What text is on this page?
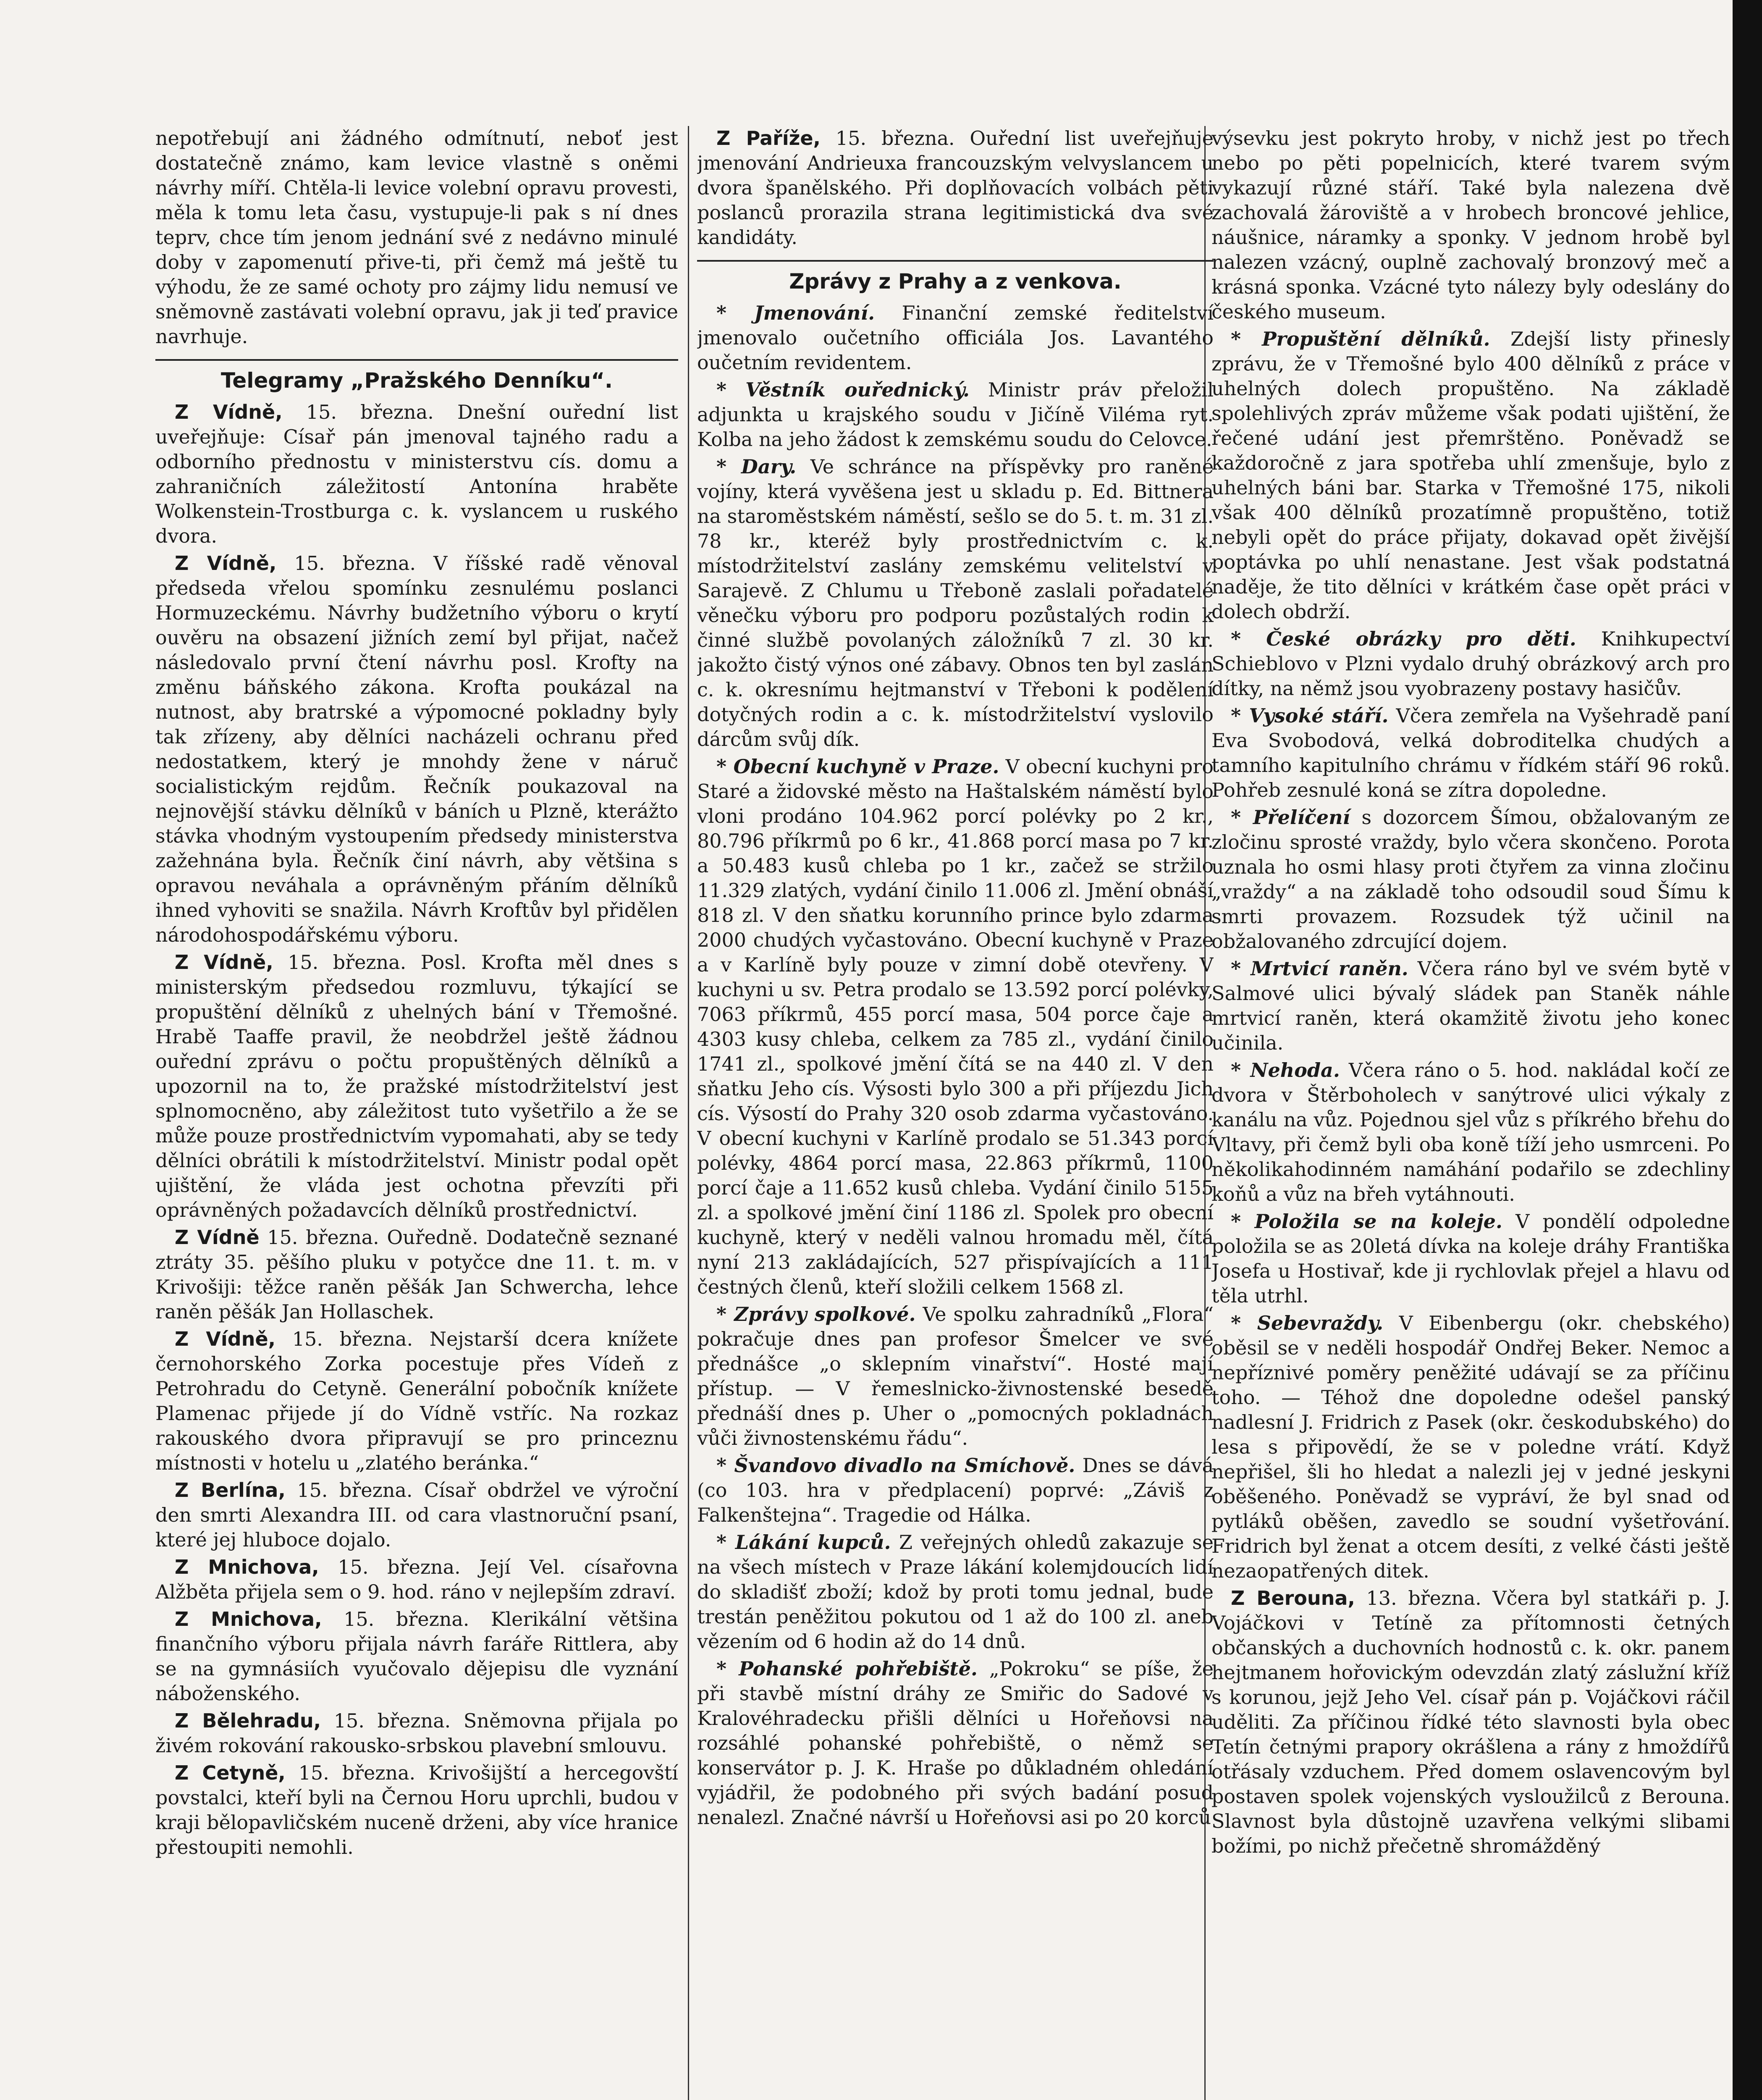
nepotřebují ani žádného odmítnutí, neboť jest dostatečně známo, kam levice vlastně s oněmi návrhy míří. Chtěla-li levice volební opravu provesti, měla k tomu leta času, vystupuje-li pak s ní dnes teprv, chce tím jenom jednání své z nedávno minulé doby v zapomenutí přive-ti, při čemž má ještě tu výhodu, že ze samé ochoty pro zájmy lidu nemusí ve sněmovně zastávati volební opravu, jak ji teď pravice navrhuje.

Telegramy „Pražského Denníku“.

Z Vídně, 15. března. Dnešní ouřední list uveřejňuje: Císař pán jmenoval tajného radu a odborního přednostu v ministerstvu cís. domu a zahraničních záležitostí Antonína hraběte Wolkenstein-Trostburga c. k. vyslancem u ruského dvora.

Z Vídně, 15. března. V říšské radě věnoval předseda vřelou spomínku zesnulému poslanci Hormuzeckému. Návrhy budžetního výboru o krytí ouvěru na obsazení jižních zemí byl přijat, načež následovalo první čtení návrhu posl. Krofty na změnu báňského zákona. Krofta poukázal na nutnost, aby bratrské a výpomocné pokladny byly tak zřízeny, aby dělníci nacházeli ochranu před nedostatkem, který je mnohdy žene v náruč socialistickým rejdům. Řečník poukazoval na nejnovější stávku dělníků v báních u Plzně, kterážto stávka vhodným vystoupením předsedy ministerstva zažehnána byla. Řečník činí návrh, aby většina s opravou neváhala a oprávněným přáním dělníků ihned vyhoviti se snažila. Návrh Kroftův byl přidělen národohospodářskému výboru.

Z Vídně, 15. března. Posl. Krofta měl dnes s ministerským předsedou rozmluvu, týkající se propuštění dělníků z uhelných bání v Třemošné. Hrabě Taaffe pravil, že neobdržel ještě žádnou ouřední zprávu o počtu propuštěných dělníků a upozornil na to, že pražské místodržitelství jest splnomocněno, aby záležitost tuto vyšetřilo a že se může pouze prostřednictvím vypomahati, aby se tedy dělníci obrátili k místodržitelství. Ministr podal opět ujištění, že vláda jest ochotna převzíti při oprávněných požadavcích dělníků prostřednictví.

Z Vídně 15. března. Ouředně. Dodatečně seznané ztráty 35. pěšího pluku v potyčce dne 11. t. m. v Krivošiji: těžce raněn pěšák Jan Schwercha, lehce raněn pěšák Jan Hollaschek.

Z Vídně, 15. března. Nejstarší dcera knížete černohorského Zorka pocestuje přes Vídeň z Petrohradu do Cetyně. Generální pobočník knížete Plamenac přijede jí do Vídně vstříc. Na rozkaz rakouského dvora připravují se pro princeznu místnosti v hotelu u „zlatého beránka.“

Z Berlína, 15. března. Císař obdržel ve výroční den smrti Alexandra III. od cara vlastnoruční psaní, které jej hluboce dojalo.

Z Mnichova, 15. března. Její Vel. císařovna Alžběta přijela sem o 9. hod. ráno v nejlepším zdraví.

Z Mnichova, 15. března. Klerikální většina finančního výboru přijala návrh faráře Rittlera, aby se na gymnásiích vyučovalo dějepisu dle vyznání náboženského.

Z Bělehradu, 15. března. Sněmovna přijala po živém rokování rakousko-srbskou plavební smlouvu.

Z Cetyně, 15. března. Krivošijští a hercegovští povstalci, kteří byli na Černou Horu uprchli, budou v kraji bělopavličském nuceně drženi, aby více hranice přestoupiti nemohli.

Z Paříže, 15. března. Ouřední list uveřejňuje jmenování Andrieuxa francouzským velvyslancem u dvora španělského. Při doplňovacích volbách pěti poslanců prorazila strana legitimistická dva své kandidáty.

Zprávy z Prahy a z venkova.

* Jmenování. Finanční zemské ředitelství jmenovalo oučetního officiála Jos. Lavantého oučetním revidentem.

* Věstník ouřednický. Ministr práv přeložil adjunkta u krajského soudu v Jičíně Viléma ryt. Kolba na jeho žádost k zemskému soudu do Celovce.

* Dary. Ve schránce na příspěvky pro raněné vojíny, která vyvěšena jest u skladu p. Ed. Bittnera na staroměstském náměstí, sešlo se do 5. t. m. 31 zl. 78 kr., kteréž byly prostřednictvím c. k. místodržitelství zaslány zemskému velitelství v Sarajevě. Z Chlumu u Třeboně zaslali pořadatelé věnečku výboru pro podporu pozůstalých rodin k činné službě povolaných záložníků 7 zl. 30 kr. jakožto čistý výnos oné zábavy. Obnos ten byl zaslán c. k. okresnímu hejtmanství v Třeboni k podělení dotyčných rodin a c. k. místodržitelství vyslovilo dárcům svůj dík.

* Obecní kuchyně v Praze. V obecní kuchyni pro Staré a židovské město na Haštalském náměstí bylo vloni prodáno 104.962 porcí polévky po 2 kr., 80.796 příkrmů po 6 kr., 41.868 porcí masa po 7 kr. a 50.483 kusů chleba po 1 kr., začež se stržilo 11.329 zlatých, vydání činilo 11.006 zl. Jmění obnáší 818 zl. V den sňatku korunního prince bylo zdarma 2000 chudých vyčastováno. Obecní kuchyně v Praze a v Karlíně byly pouze v zimní době otevřeny. V kuchyni u sv. Petra prodalo se 13.592 porcí polévky, 7063 příkrmů, 455 porcí masa, 504 porce čaje a 4303 kusy chleba, celkem za 785 zl., vydání činilo 1741 zl., spolkové jmění čítá se na 440 zl. V den sňatku Jeho cís. Výsosti bylo 300 a při příjezdu Jich cís. Výsostí do Prahy 320 osob zdarma vyčastováno. V obecní kuchyni v Karlíně prodalo se 51.343 porcí polévky, 4864 porcí masa, 22.863 příkrmů, 1100 porcí čaje a 11.652 kusů chleba. Vydání činilo 5155 zl. a spolkové jmění činí 1186 zl. Spolek pro obecní kuchyně, který v neděli valnou hromadu měl, čítá nyní 213 zakládajících, 527 přispívajících a 111 čestných členů, kteří složili celkem 1568 zl.

* Zprávy spolkové. Ve spolku zahradníků „Flora“ pokračuje dnes pan profesor Šmelcer ve své přednášce „o sklepním vinařství“. Hosté mají přístup. — V řemeslnicko-živnostenské besedě přednáší dnes p. Uher o „pomocných pokladnách vůči živnostenskému řádu“.

* Švandovo divadlo na Smíchově. Dnes se dává (co 103. hra v předplacení) poprvé: „Záviš z Falkenštejna“. Tragedie od Hálka.

* Lákání kupců. Z veřejných ohledů zakazuje se na všech místech v Praze lákání kolemjdoucích lidí do skladišť zboží; kdož by proti tomu jednal, bude trestán peněžitou pokutou od 1 až do 100 zl. aneb vězením od 6 hodin až do 14 dnů.

* Pohanské pohřebiště. „Pokroku“ se píše, že při stavbě místní dráhy ze Smiřic do Sadové v Kralovéhradecku přišli dělníci u Hořeňovsi na rozsáhlé pohanské pohřebiště, o němž se konservátor p. J. K. Hraše po důkladném ohledání vyjádřil, že podobného při svých badání posud nenalezl. Značné návrší u Hořeňovsi asi po 20 korců

výsevku jest pokryto hroby, v nichž jest po třech nebo po pěti popelnicích, které tvarem svým vykazují různé stáří. Také byla nalezena dvě zachovalá žároviště a v hrobech broncové jehlice, náušnice, náramky a sponky. V jednom hrobě byl nalezen vzácný, ouplně zachovalý bronzový meč a krásná sponka. Vzácné tyto nálezy byly odeslány do českého museum.

* Propuštění dělníků. Zdejší listy přinesly zprávu, že v Třemošné bylo 400 dělníků z práce v uhelných dolech propuštěno. Na základě spolehlivých zpráv můžeme však podati ujištění, že řečené udání jest přemrštěno. Poněvadž se každoročně z jara spotřeba uhlí zmenšuje, bylo z uhelných báni bar. Starka v Třemošné 175, nikoli však 400 dělníků prozatímně propuštěno, totiž nebyli opět do práce přijaty, dokavad opět živější poptávka po uhlí nenastane. Jest však podstatná naděje, že tito dělníci v krátkém čase opět práci v dolech obdrží.

* České obrázky pro děti. Knihkupectví Schieblovo v Plzni vydalo druhý obrázkový arch pro dítky, na němž jsou vyobrazeny postavy hasičův.

* Vysoké stáří. Včera zemřela na Vyšehradě paní Eva Svobodová, velká dobroditelka chudých a tamního kapitulního chrámu v řídkém stáří 96 roků. Pohřeb zesnulé koná se zítra dopoledne.

* Přelíčení s dozorcem Šímou, obžalovaným ze zločinu sprosté vraždy, bylo včera skončeno. Porota uznala ho osmi hlasy proti čtyřem za vinna zločinu „vraždy“ a na základě toho odsoudil soud Šímu k smrti provazem. Rozsudek týž učinil na obžalovaného zdrcující dojem.

* Mrtvicí raněn. Včera ráno byl ve svém bytě v Salmové ulici bývalý sládek pan Staněk náhle mrtvicí raněn, která okamžitě životu jeho konec učinila.

* Nehoda. Včera ráno o 5. hod. nakládal kočí ze dvora v Štěrboholech v sanýtrové ulici výkaly z kanálu na vůz. Pojednou sjel vůz s příkrého břehu do Vltavy, při čemž byli oba koně tíží jeho usmrceni. Po několikahodinném namáhání podařilo se zdechliny koňů a vůz na břeh vytáhnouti.

* Položila se na koleje. V pondělí odpoledne položila se as 20letá dívka na koleje dráhy Františka Josefa u Hostivař, kde ji rychlovlak přejel a hlavu od těla utrhl.

* Sebevraždy. V Eibenbergu (okr. chebského) oběsil se v neděli hospodář Ondřej Beker. Nemoc a nepříznivé poměry peněžité udávají se za příčinu toho. — Téhož dne dopoledne odešel panský nadlesní J. Fridrich z Pasek (okr. českodubského) do lesa s připovědí, že se v poledne vrátí. Když nepřišel, šli ho hledat a nalezli jej v jedné jeskyni oběšeného. Poněvadž se vypráví, že byl snad od pytláků oběšen, zavedlo se soudní vyšetřování. Fridrich byl ženat a otcem desíti, z velké části ještě nezaopatřených ditek.

Z Berouna, 13. března. Včera byl statkáři p. J. Vojáčkovi v Tetíně za přítomnosti četných občanských a duchovních hodnostů c. k. okr. panem hejtmanem hořovickým odevzdán zlatý záslužní kříž s korunou, jejž Jeho Vel. císař pán p. Vojáčkovi ráčil uděliti. Za příčinou řídké této slavnosti byla obec Tetín četnými prapory okrášlena a rány z hmoždířů otřásaly vzduchem. Před domem oslavencovým byl postaven spolek vojenských vysloužilců z Berouna. Slavnost byla důstojně uzavřena velkými slibami božími, po nichž přečetně shromážděný
